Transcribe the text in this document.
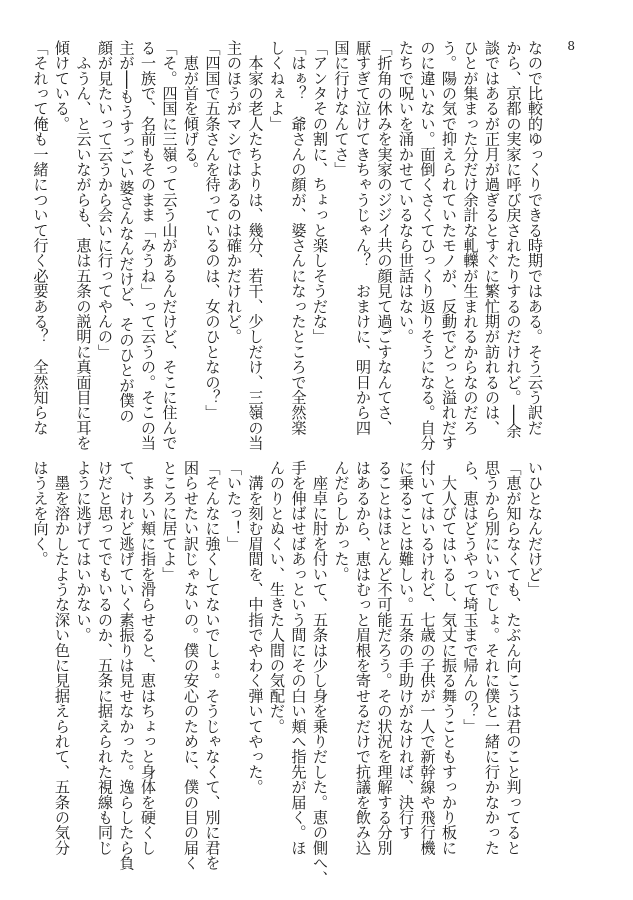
8
なので比較的ゆっくりできる時期ではある。そう云う訳だ
から、京都の実家に呼び戻されたりするのだけれど。──余
談ではあるが正月が過ぎるとすぐに繁忙期が訪れるのは、
ひとが集まった分だけ余計な軋轢が生まれるからなのだろ
う。陽の気で抑えられていたモノが、反動でどっと溢れだす
のに違いない。面倒くさくてひっくり返りそうになる。自分
たちで呪いを涌かせているなら世話はない。
「折角の休みを実家のジジイ共の顔見て過ごすなんてさ、
厭すぎて泣けてきちゃうじゃん？　おまけに、明日から四
国に行けなんてさ」
「アンタその割に、ちょっと楽しそうだな」
「はぁ？　爺さんの顔が、婆さんになったところで全然楽
しくねぇよ」
　本家の老人たちよりは、幾分、若干、少しだけ、三嶺の当
主のほうがマシではあるのは確かだけれど。
「四国で五条さんを待っているのは、女のひとなの？」
　恵が首を傾げる。
「そ。四国に三嶺って云う山があるんだけど、そこに住んで
る一族で、名前もそのまま「みうね」って云うの。そこの当
主が──もうすっごい婆さんなんだけど、そのひとが僕の
顔が見たいって云うから会いに行ってやんの」
　ふうん、と云いながらも、恵は五条の説明に真面目に耳を
傾けている。
「それって俺も一緒について行く必要ある？　全然知らな
いひとなんだけど」
「恵が知らなくても、たぶん向こうは君のこと判ってると
思うから別にいいでしょ。それに僕と一緒に行かなかった
ら、恵はどうやって埼玉まで帰んの？」
　大人びてはいるし、気丈に振る舞うこともすっかり板に
付いてはいるけれど、七歳の子供が一人で新幹線や飛行機
に乗ることは難しい。五条の手助けがなければ、決行す
ることはほとんど不可能だろう。その状況を理解する分別
はあるから、恵はむっと眉根を寄せるだけで抗議を飲み込
んだらしかった。
　座卓に肘を付いて、五条は少し身を乗りだした。恵の側へ、
手を伸ばせばあっという間にその白い頬へ指先が届く。ほ
んのりとぬくい、生きた人間の気配だ。
　溝を刻む眉間を、中指でやわく弾いてやった。
「いたっ！」
「そんなに強くしてないでしょ。そうじゃなくて、別に君を
困らせたい訳じゃないの。僕の安心のために、僕の目の届く
ところに居てよ」
　まろい頬に指を滑らせると、恵はちょっと身体を硬くし
て、けれど逃げていく素振りは見せなかった。逸らしたら負
けだと思ってでもいるのか、五条に据えられた視線も同じ
ように逃げてはいかない。
　墨を溶かしたような深い色に見据えられて、五条の気分
はうえを向く。
